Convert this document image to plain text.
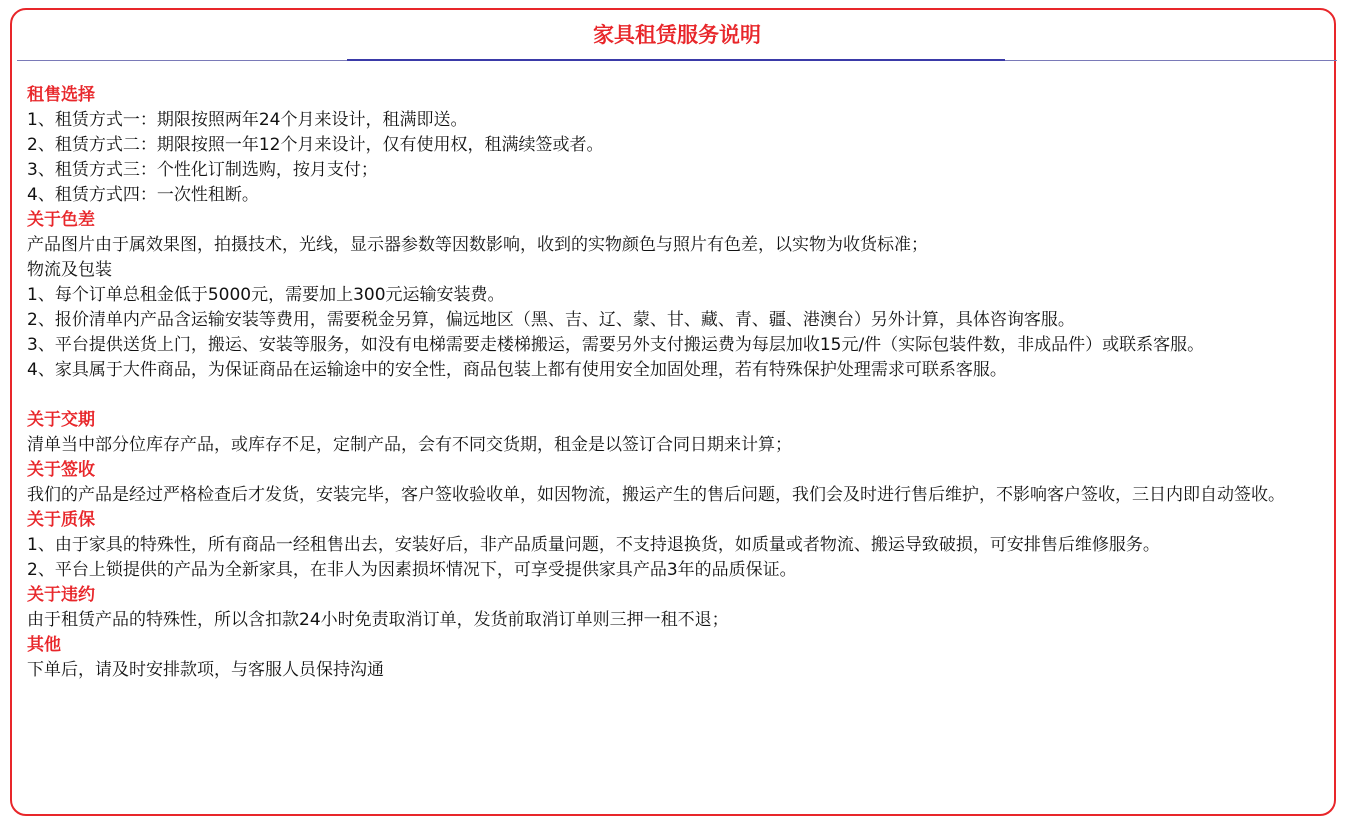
家具租赁服务说明

租售选择

1、租赁方式一：期限按照两年24个月来设计，租满即送。

2、租赁方式二：期限按照一年12个月来设计，仅有使用权，租满续签或者。

3、租赁方式三：个性化订制选购，按月支付；

4、租赁方式四：一次性租断。

关于色差

产品图片由于属效果图，拍摄技术，光线，显示器参数等因数影响，收到的实物颜色与照片有色差，以实物为收货标准；

物流及包装

1、每个订单总租金低于5000元，需要加上300元运输安装费。

2、报价清单内产品含运输安装等费用，需要税金另算，偏远地区（黑、吉、辽、蒙、甘、藏、青、疆、港澳台）另外计算，具体咨询客服。

3、平台提供送货上门，搬运、安装等服务，如没有电梯需要走楼梯搬运，需要另外支付搬运费为每层加收15元/件（实际包装件数，非成品件）或联系客服。

4、家具属于大件商品，为保证商品在运输途中的安全性，商品包装上都有使用安全加固处理，若有特殊保护处理需求可联系客服。

关于交期

清单当中部分位库存产品，或库存不足，定制产品，会有不同交货期，租金是以签订合同日期来计算；

关于签收

我们的产品是经过严格检查后才发货，安装完毕，客户签收验收单，如因物流，搬运产生的售后问题，我们会及时进行售后维护，不影响客户签收，三日内即自动签收。

关于质保

1、由于家具的特殊性，所有商品一经租售出去，安装好后，非产品质量问题，不支持退换货，如质量或者物流、搬运导致破损，可安排售后维修服务。

2、平台上锁提供的产品为全新家具，在非人为因素损坏情况下，可享受提供家具产品3年的品质保证。

关于违约

由于租赁产品的特殊性，所以含扣款24小时免责取消订单，发货前取消订单则三押一租不退；

其他

下单后，请及时安排款项，与客服人员保持沟通
